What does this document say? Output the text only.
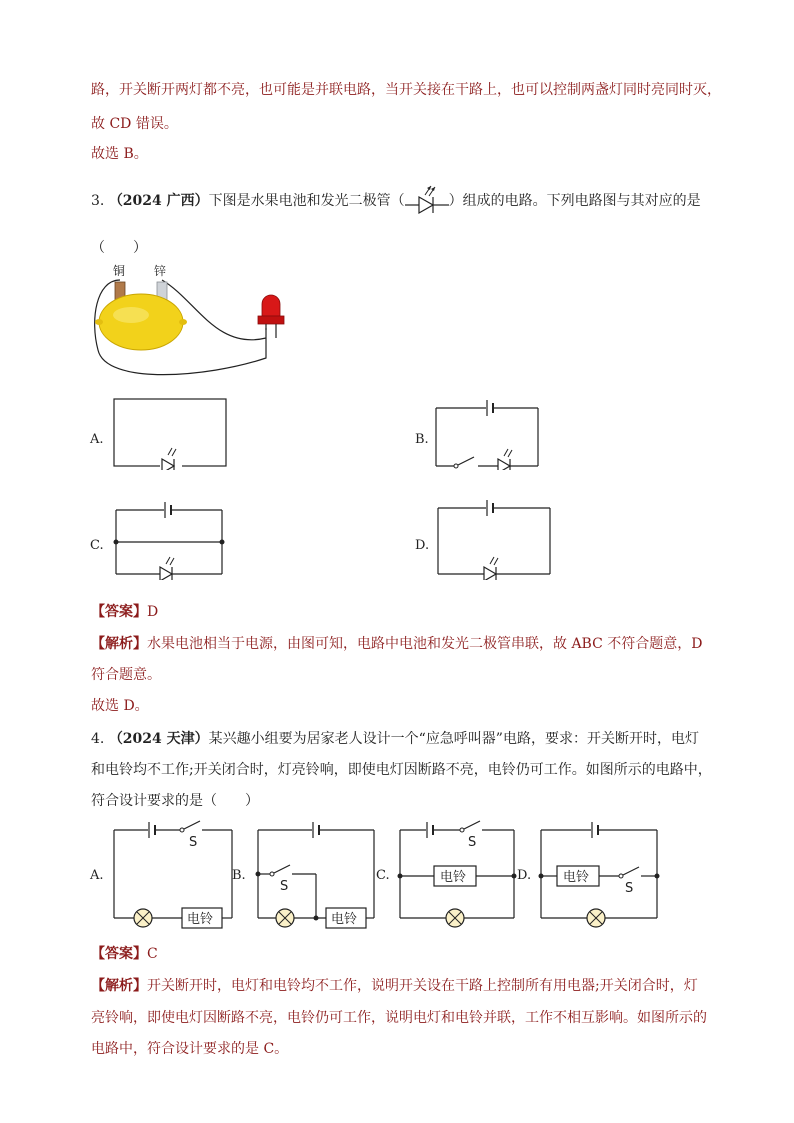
路，开关断开两灯都不亮，也可能是并联电路，当开关接在干路上，也可以控制两盏灯同时亮同时灭，
故 CD 错误。
故选 B。
3. （2024 广西）下图是水果电池和发光二极管（	）组成的电路。下列电路图与其对应的是
（　　）
铜 锌
A.	B.
C.	D.
【答案】D
【解析】水果电池相当于电源，由图可知，电路中电池和发光二极管串联，故 ABC 不符合题意，D
符合题意。
故选 D。
4. （2024 天津）某兴趣小组要为居家老人设计一个“应急呼叫器”电路，要求：开关断开时，电灯
和电铃均不工作;开关闭合时，灯亮铃响，即使电灯因断路不亮，电铃仍可工作。如图所示的电路中，
符合设计要求的是（　　）
A.	B.	C.	D.
S
电铃
S
电铃
S
电铃	电铃
S
【答案】C
【解析】开关断开时，电灯和电铃均不工作，说明开关设在干路上控制所有用电器;开关闭合时，灯
亮铃响，即使电灯因断路不亮，电铃仍可工作，说明电灯和电铃并联，工作不相互影响。如图所示的
电路中，符合设计要求的是 C。
